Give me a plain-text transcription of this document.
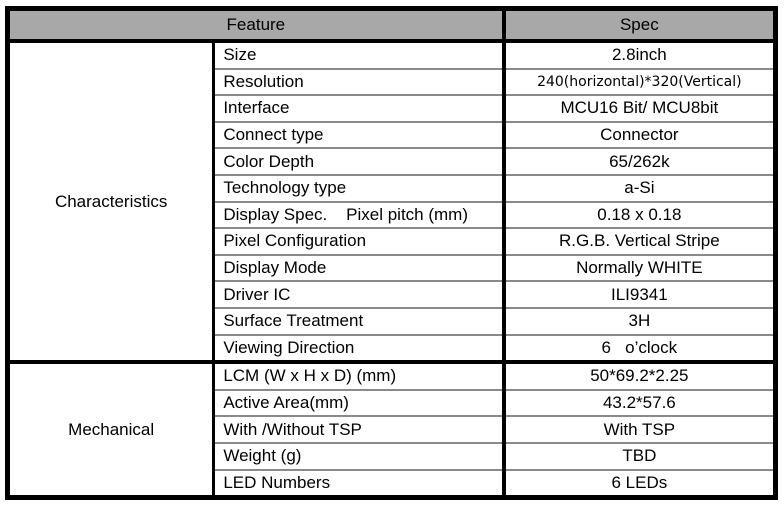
Feature		Spec
Characteristics	Size	2.8inch
	Resolution	240(horizontal)*320(Vertical)
	Interface	MCU16 Bit/ MCU8bit
	Connect type	Connector
	Color Depth	65/262k
	Technology type	a-Si
	Display Spec.    Pixel pitch (mm)	0.18 x 0.18
	Pixel Configuration	R.G.B. Vertical Stripe
	Display Mode	Normally WHITE
	Driver IC	ILI9341
	Surface Treatment	3H
	Viewing Direction	6   o’clock
Mechanical	LCM (W x H x D) (mm)	50*69.2*2.25
	Active Area(mm)	43.2*57.6
	With /Without TSP	With TSP
	Weight (g)	TBD
	LED Numbers	6 LEDs
